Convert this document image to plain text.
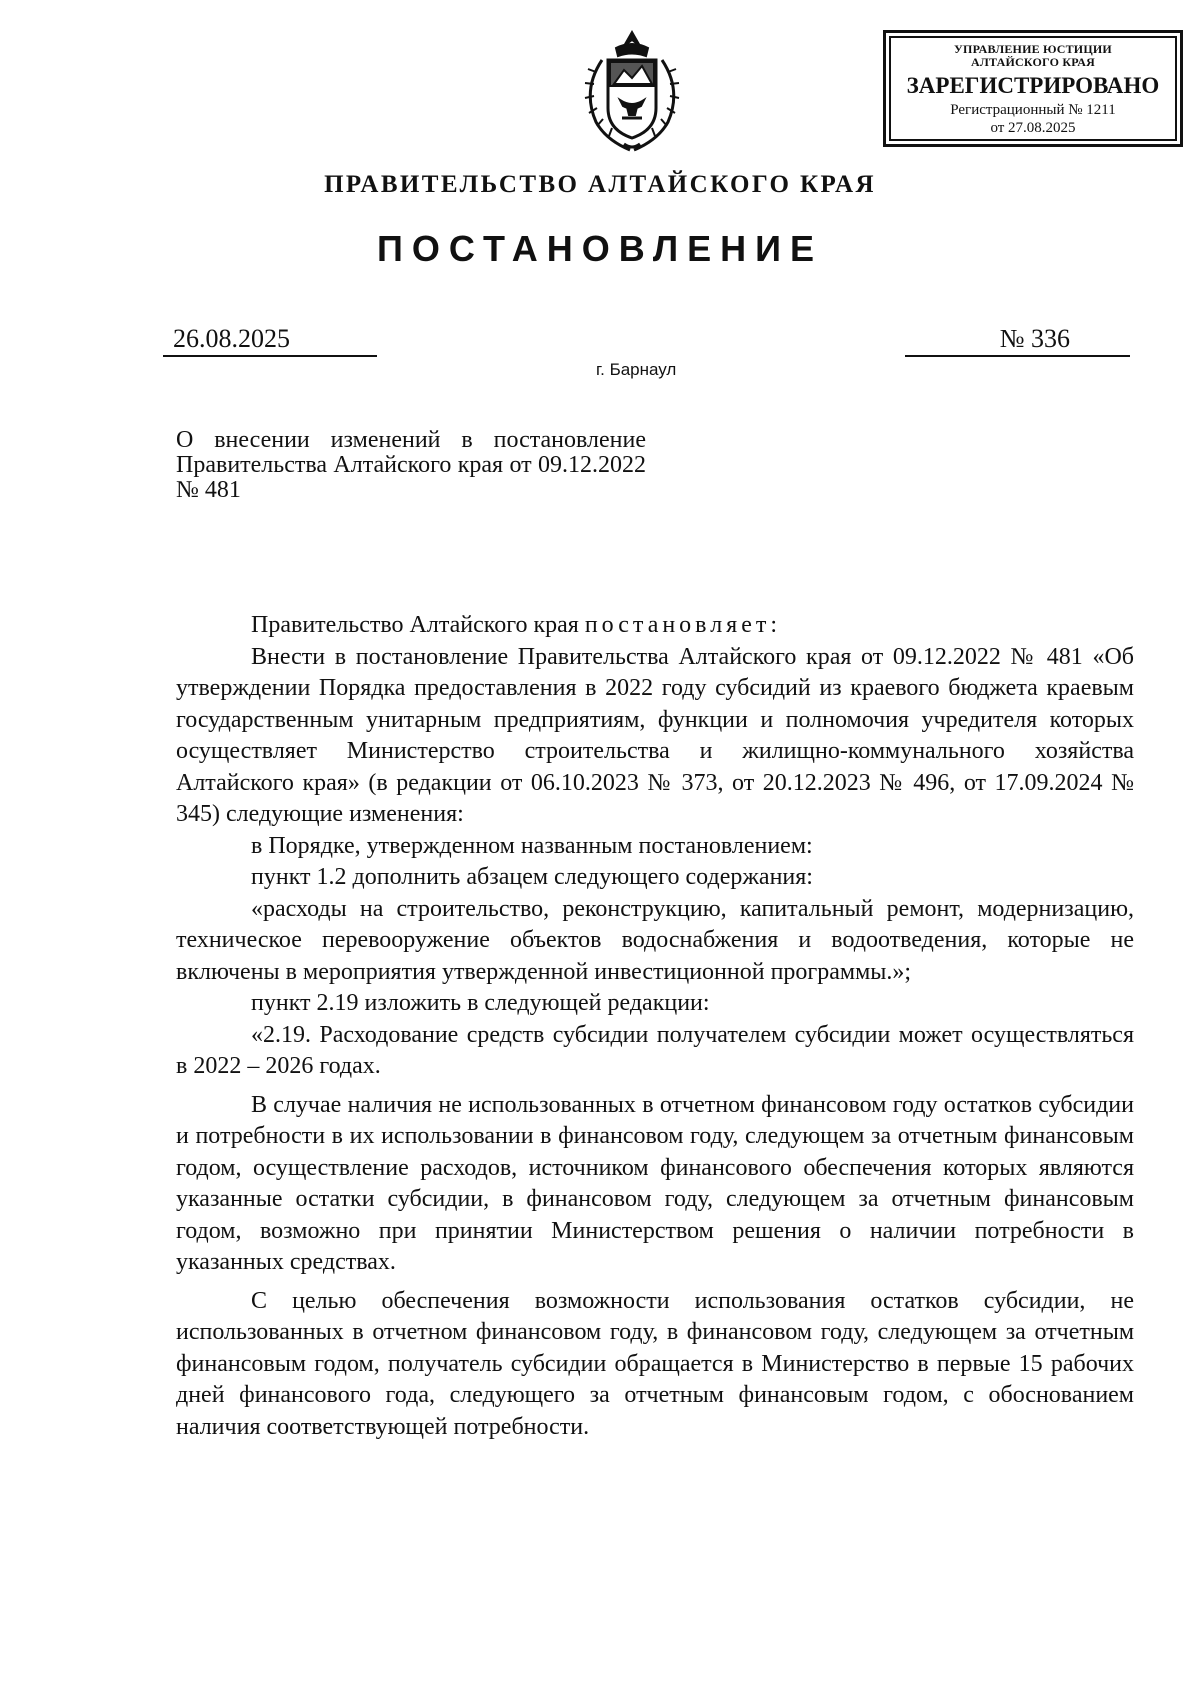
УПРАВЛЕНИЕ ЮСТИЦИИ
АЛТАЙСКОГО КРАЯ
ЗАРЕГИСТРИРОВАНО
Регистрационный № 1211
от 27.08.2025
ПРАВИТЕЛЬСТВО АЛТАЙСКОГО КРАЯ
ПОСТАНОВЛЕНИЕ
26.08.2025	№ 336
г. Барнаул
О внесении изменений в постановление Правительства Алтайского края от 09.12.2022 № 481

Правительство Алтайского края постановляет:

Внести в постановление Правительства Алтайского края от 09.12.2022 № 481 «Об утверждении Порядка предоставления в 2022 году субсидий из краевого бюджета краевым государственным унитарным предприятиям, функции и полномочия учредителя которых осуществляет Министерство строительства и жилищно-коммунального хозяйства Алтайского края» (в редакции от 06.10.2023 № 373, от 20.12.2023 № 496, от 17.09.2024 № 345) следующие изменения:

в Порядке, утвержденном названным постановлением:

пункт 1.2 дополнить абзацем следующего содержания:

«расходы на строительство, реконструкцию, капитальный ремонт, модернизацию, техническое перевооружение объектов водоснабжения и водоотведения, которые не включены в мероприятия утвержденной инвестиционной программы.»;

пункт 2.19 изложить в следующей редакции:

«2.19. Расходование средств субсидии получателем субсидии может осуществляться в 2022 – 2026 годах.

В случае наличия не использованных в отчетном финансовом году остатков субсидии и потребности в их использовании в финансовом году, следующем за отчетным финансовым годом, осуществление расходов, источником финансового обеспечения которых являются указанные остатки субсидии, в финансовом году, следующем за отчетным финансовым годом, возможно при принятии Министерством решения о наличии потребности в указанных средствах.

С целью обеспечения возможности использования остатков субсидии, не использованных в отчетном финансовом году, в финансовом году, следующем за отчетным финансовым годом, получатель субсидии обращается в Министерство в первые 15 рабочих дней финансового года, следующего за отчетным финансовым годом, с обоснованием наличия соответствующей потребности.
